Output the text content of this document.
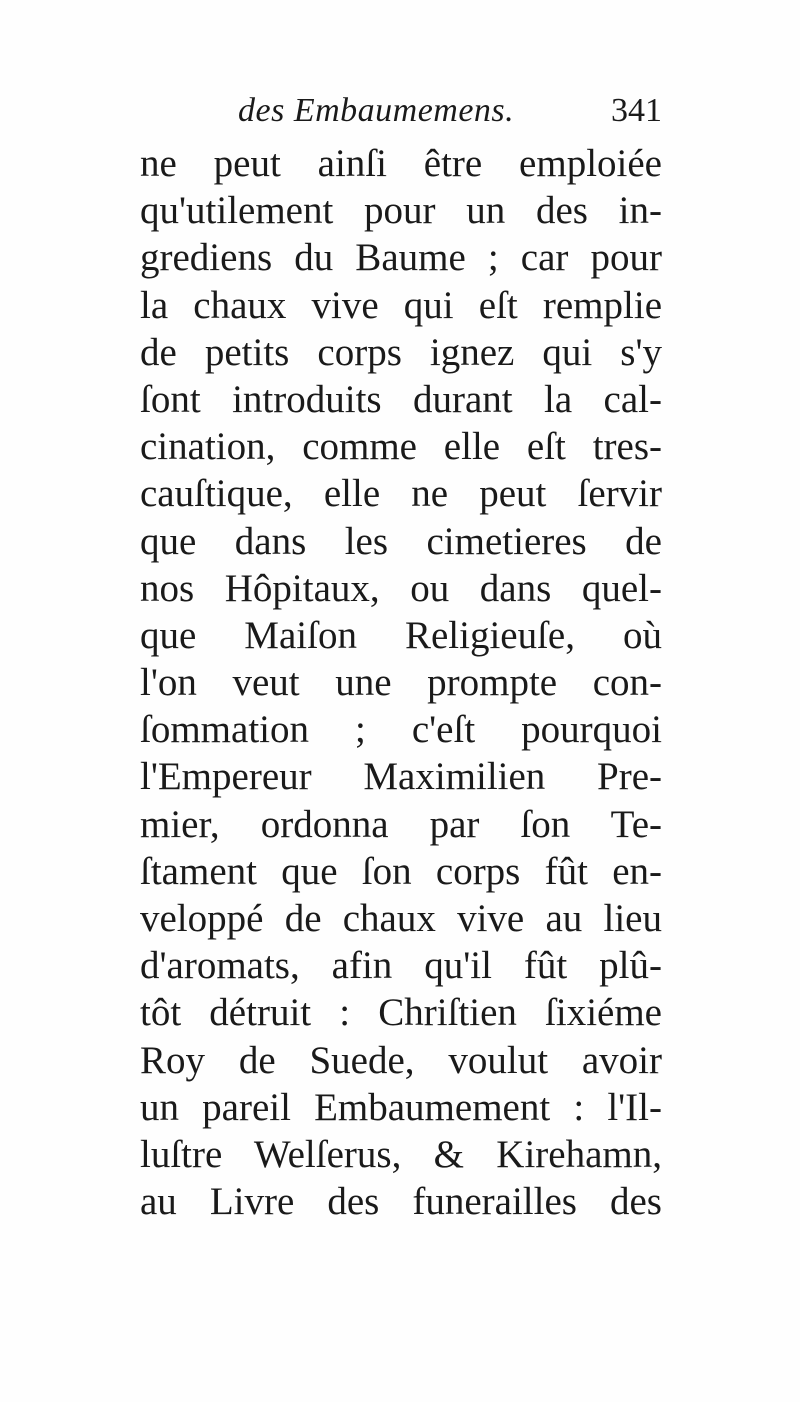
des Embaumemens.	341
ne peut ainſi être emploiée
qu'utilement pour un des in-
grediens du Baume ; car pour
la chaux vive qui eſt remplie
de petits corps ignez qui s'y
ſont introduits durant la cal-
cination, comme elle eſt tres-
cauſtique, elle ne peut ſervir
que dans les cimetieres de
nos Hôpitaux, ou dans quel-
que Maiſon Religieuſe, où
l'on veut une prompte con-
ſommation ; c'eſt pourquoi
l'Empereur Maximilien Pre-
mier, ordonna par ſon Te-
ſtament que ſon corps fût en-
veloppé de chaux vive au lieu
d'aromats, afin qu'il fût plû-
tôt détruit : Chriſtien ſixiéme
Roy de Suede, voulut avoir
un pareil Embaumement : l'Il-
luſtre Welſerus, & Kirehamn,
au Livre des funerailles des
